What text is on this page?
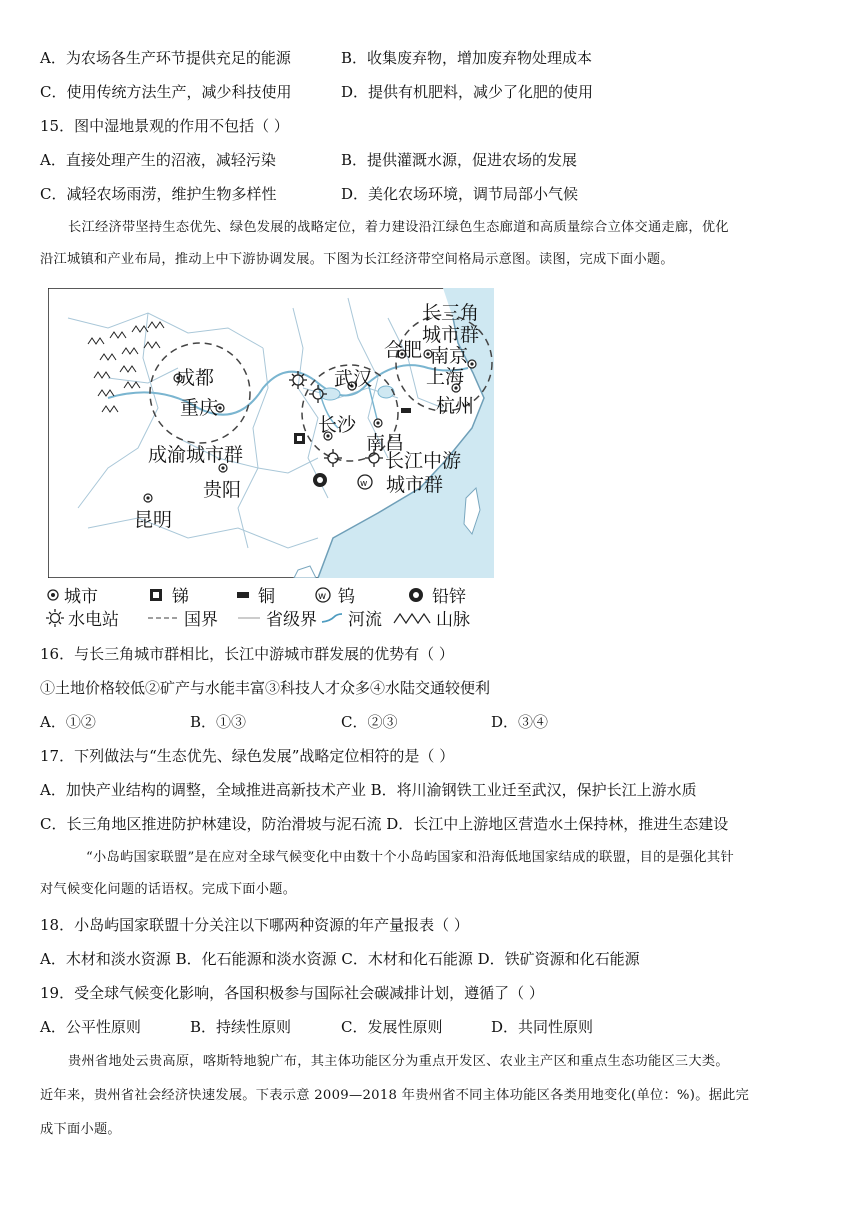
A．为农场各生产环节提供充足的能源	B．收集废弃物，增加废弃物处理成本
C．使用传统方法生产，减少科技使用	D．提供有机肥料，减少了化肥的使用
15．图中湿地景观的作用不包括（ ）
A．直接处理产生的沼液，减轻污染	B．提供灌溉水源，促进农场的发展
C．减轻农场雨涝，维护生物多样性	D．美化农场环境，调节局部小气候
长江经济带坚持生态优先、绿色发展的战略定位，着力建设沿江绿色生态廊道和高质量综合立体交通走廊，优化
沿江城镇和产业布局，推动上中下游协调发展。下图为长江经济带空间格局示意图。读图，完成下面小题。
w
成都
重庆
成渝城市群
贵阳
昆明
武汉
长沙
南昌
长江中游
城市群
合肥 南京
上海
杭州
长三角
城市群
城市	锑	铜	w 钨	铅锌
水电站	国界	省级界 河流	山脉
16．与长三角城市群相比，长江中游城市群发展的优势有（ ）
①土地价格较低②矿产与水能丰富③科技人才众多④水陆交通较便利
A．①②	B．①③	C．②③	D．③④
17．下列做法与“生态优先、绿色发展”战略定位相符的是（ ）
A．加快产业结构的调整，全域推进高新技术产业 B．将川渝钢铁工业迁至武汉，保护长江上游水质
C．长三角地区推进防护林建设，防治滑坡与泥石流 D．长江中上游地区营造水土保持林，推进生态建设
“小岛屿国家联盟”是在应对全球气候变化中由数十个小岛屿国家和沿海低地国家结成的联盟，目的是强化其针
对气候变化问题的话语权。完成下面小题。
18．小岛屿国家联盟十分关注以下哪两种资源的年产量报表（ ）
A．木材和淡水资源 B．化石能源和淡水资源 C．木材和化石能源 D．铁矿资源和化石能源
19．受全球气候变化影响，各国积极参与国际社会碳减排计划，遵循了（ ）
A．公平性原则	B．持续性原则	C．发展性原则	D．共同性原则
贵州省地处云贵高原，喀斯特地貌广布，其主体功能区分为重点开发区、农业主产区和重点生态功能区三大类。
近年来，贵州省社会经济快速发展。下表示意 2009—2018 年贵州省不同主体功能区各类用地变化(单位：%)。据此完
成下面小题。
